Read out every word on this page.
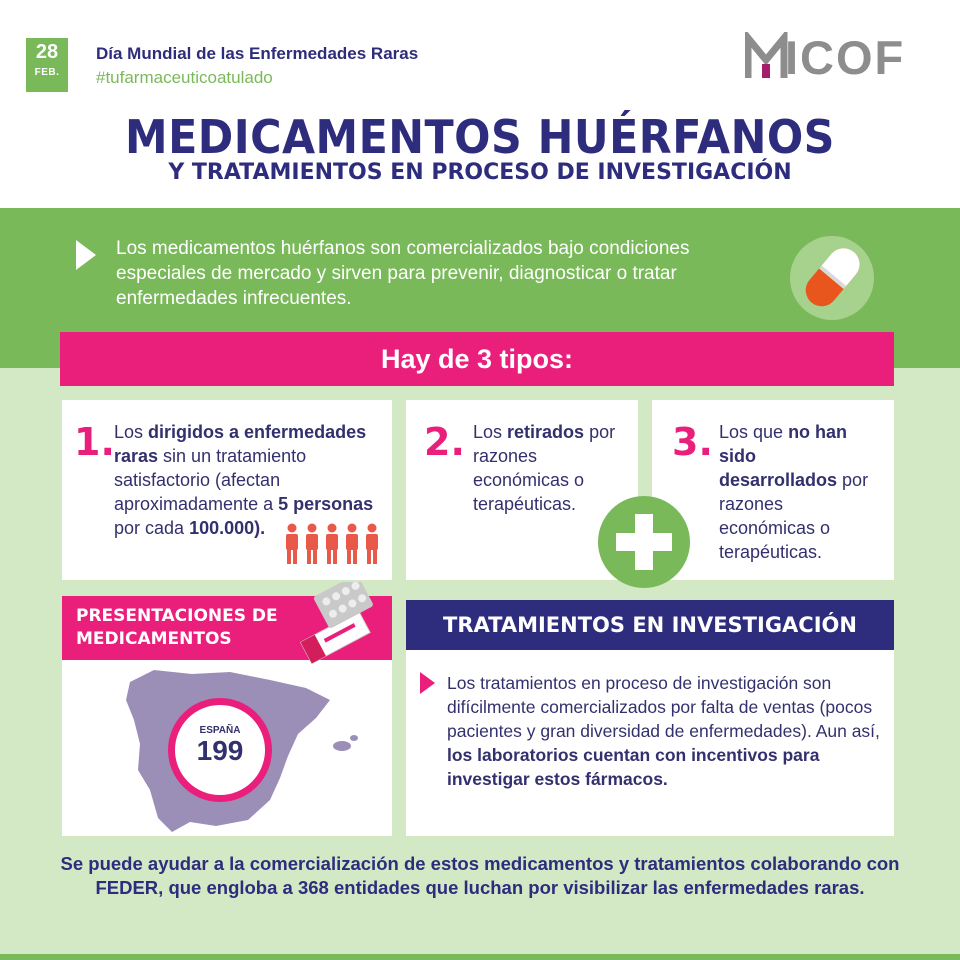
28
FEB.
Día Mundial de las Enfermedades Raras
#tufarmaceuticoatulado	ICOF
MEDICAMENTOS HUÉRFANOS
Y TRATAMIENTOS EN PROCESO DE INVESTIGACIÓN
Los medicamentos huérfanos son comercializados bajo condiciones especiales de mercado y sirven para prevenir, diagnosticar o tratar enfermedades infrecuentes.
Hay de 3 tipos:
1. Los dirigidos a enfermedades raras sin un tratamiento satisfactorio (afectan aproximadamente a 5 personas por cada 100.000).
2. Los retirados por razones económicas o terapéuticas.
3. Los que no han sido desarrollados por razones económicas o terapéuticas.
PRESENTACIONES DE MEDICAMENTOS
ESPAÑA
199
TRATAMIENTOS EN INVESTIGACIÓN
Los tratamientos en proceso de investigación son difícilmente comercializados por falta de ventas (pocos pacientes y gran diversidad de enfermedades). Aun así, los laboratorios cuentan con incentivos para investigar estos fármacos.
Se puede ayudar a la comercialización de estos medicamentos y tratamientos colaborando con FEDER, que engloba a 368 entidades que luchan por visibilizar las enfermedades raras.
